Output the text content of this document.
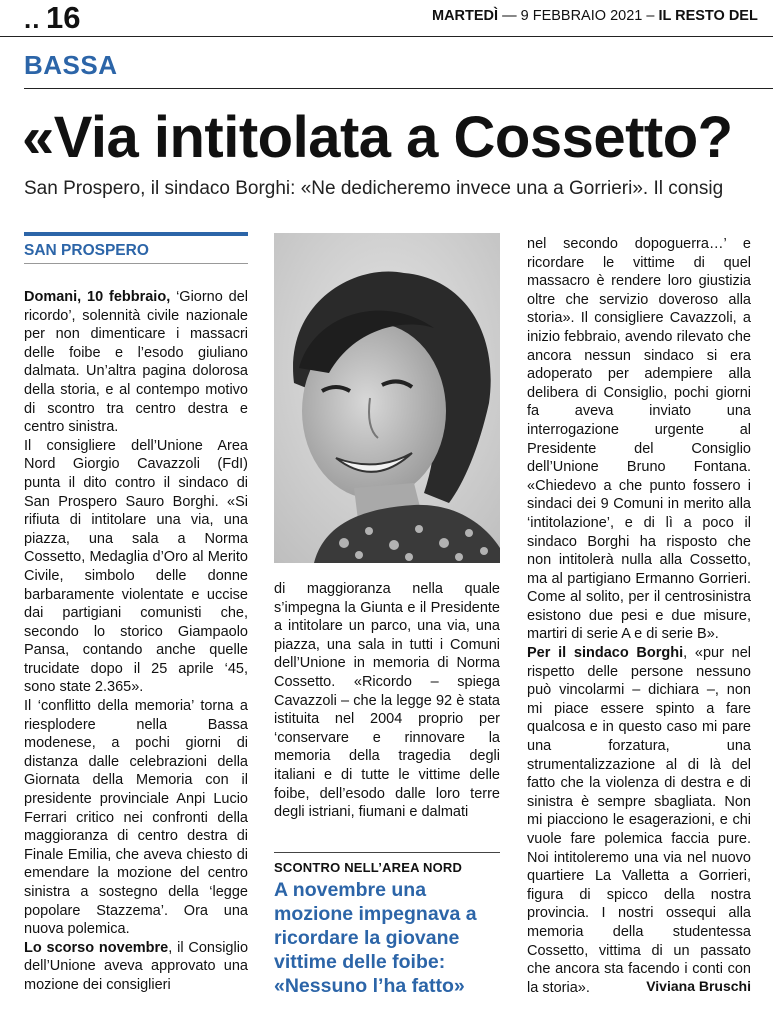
.. 16	MARTEDÌ — 9 FEBBRAIO 2021 – IL RESTO DEL
BASSA
«Via intitolata a Cossetto?
San Prospero, il sindaco Borghi: «Ne dedicheremo invece una a Gorrieri». Il consig
SAN PROSPERO

Domani, 10 febbraio, ‘Giorno del ricordo’, solennità civile nazionale per non dimenticare i massacri delle foibe e l’esodo giuliano dalmata. Un’altra pagina dolorosa della storia, e al contempo motivo di scontro tra centro destra e centro sinistra.

Il consigliere dell’Unione Area Nord Giorgio Cavazzoli (FdI) punta il dito contro il sindaco di San Prospero Sauro Borghi. «Si rifiuta di intitolare una via, una piazza, una sala a Norma Cossetto, Medaglia d’Oro al Merito Civile, simbolo delle donne barbaramente violentate e uccise dai partigiani comunisti che, secondo lo storico Giampaolo Pansa, contando anche quelle trucidate dopo il 25 aprile ‘45, sono state 2.365».

Il ‘conflitto della memoria’ torna a riesplodere nella Bassa modenese, a pochi giorni di distanza dalle celebrazioni della Giornata della Memoria con il presidente provinciale Anpi Lucio Ferrari critico nei confronti della maggioranza di centro destra di Finale Emilia, che aveva chiesto di emendare la mozione del centro sinistra a sostegno della ‘legge popolare Stazzema’. Ora una nuova polemica.

Lo scorso novembre, il Consiglio dell’Unione aveva approvato una mozione dei consiglieri

di maggioranza nella quale s’impegna la Giunta e il Presidente a intitolare un parco, una via, una piazza, una sala in tutti i Comuni dell’Unione in memoria di Norma Cossetto. «Ricordo – spiega Cavazzoli – che la legge 92 è stata istituita nel 2004 proprio per ‘conservare e rinnovare la memoria della tragedia degli italiani e di tutte le vittime delle foibe, dell’esodo dalle loro terre degli istriani, fiumani e dalmati

SCONTRO NELL’AREA NORD
A novembre una mozione impegnava a ricordare la giovane vittime delle foibe: «Nessuno l’ha fatto»

nel secondo dopoguerra…’ e ricordare le vittime di quel massacro è rendere loro giustizia oltre che servizio doveroso alla storia». Il consigliere Cavazzoli, a inizio febbraio, avendo rilevato che ancora nessun sindaco si era adoperato per adempiere alla delibera di Consiglio, pochi giorni fa aveva inviato una interrogazione urgente al Presidente del Consiglio dell’Unione Bruno Fontana. «Chiedevo a che punto fossero i sindaci dei 9 Comuni in merito alla ‘intitolazione’, e di lì a poco il sindaco Borghi ha risposto che non intitolerà nulla alla Cossetto, ma al partigiano Ermanno Gorrieri. Come al solito, per il centrosinistra esistono due pesi e due misure, martiri di serie A e di serie B».

Per il sindaco Borghi, «pur nel rispetto delle persone nessuno può vincolarmi – dichiara –, non mi piace essere spinto a fare qualcosa e in questo caso mi pare una forzatura, una strumentalizzazione al di là del fatto che la violenza di destra e di sinistra è sempre sbagliata. Non mi piacciono le esagerazioni, e chi vuole fare polemica faccia pure. Noi intitoleremo una via nel nuovo quartiere La Valletta a Gorrieri, figura di spicco della nostra provincia. I nostri ossequi alla memoria della studentessa Cossetto, vittima di un passato che ancora sta facendo i conti con la storia».	Viviana Bruschi
